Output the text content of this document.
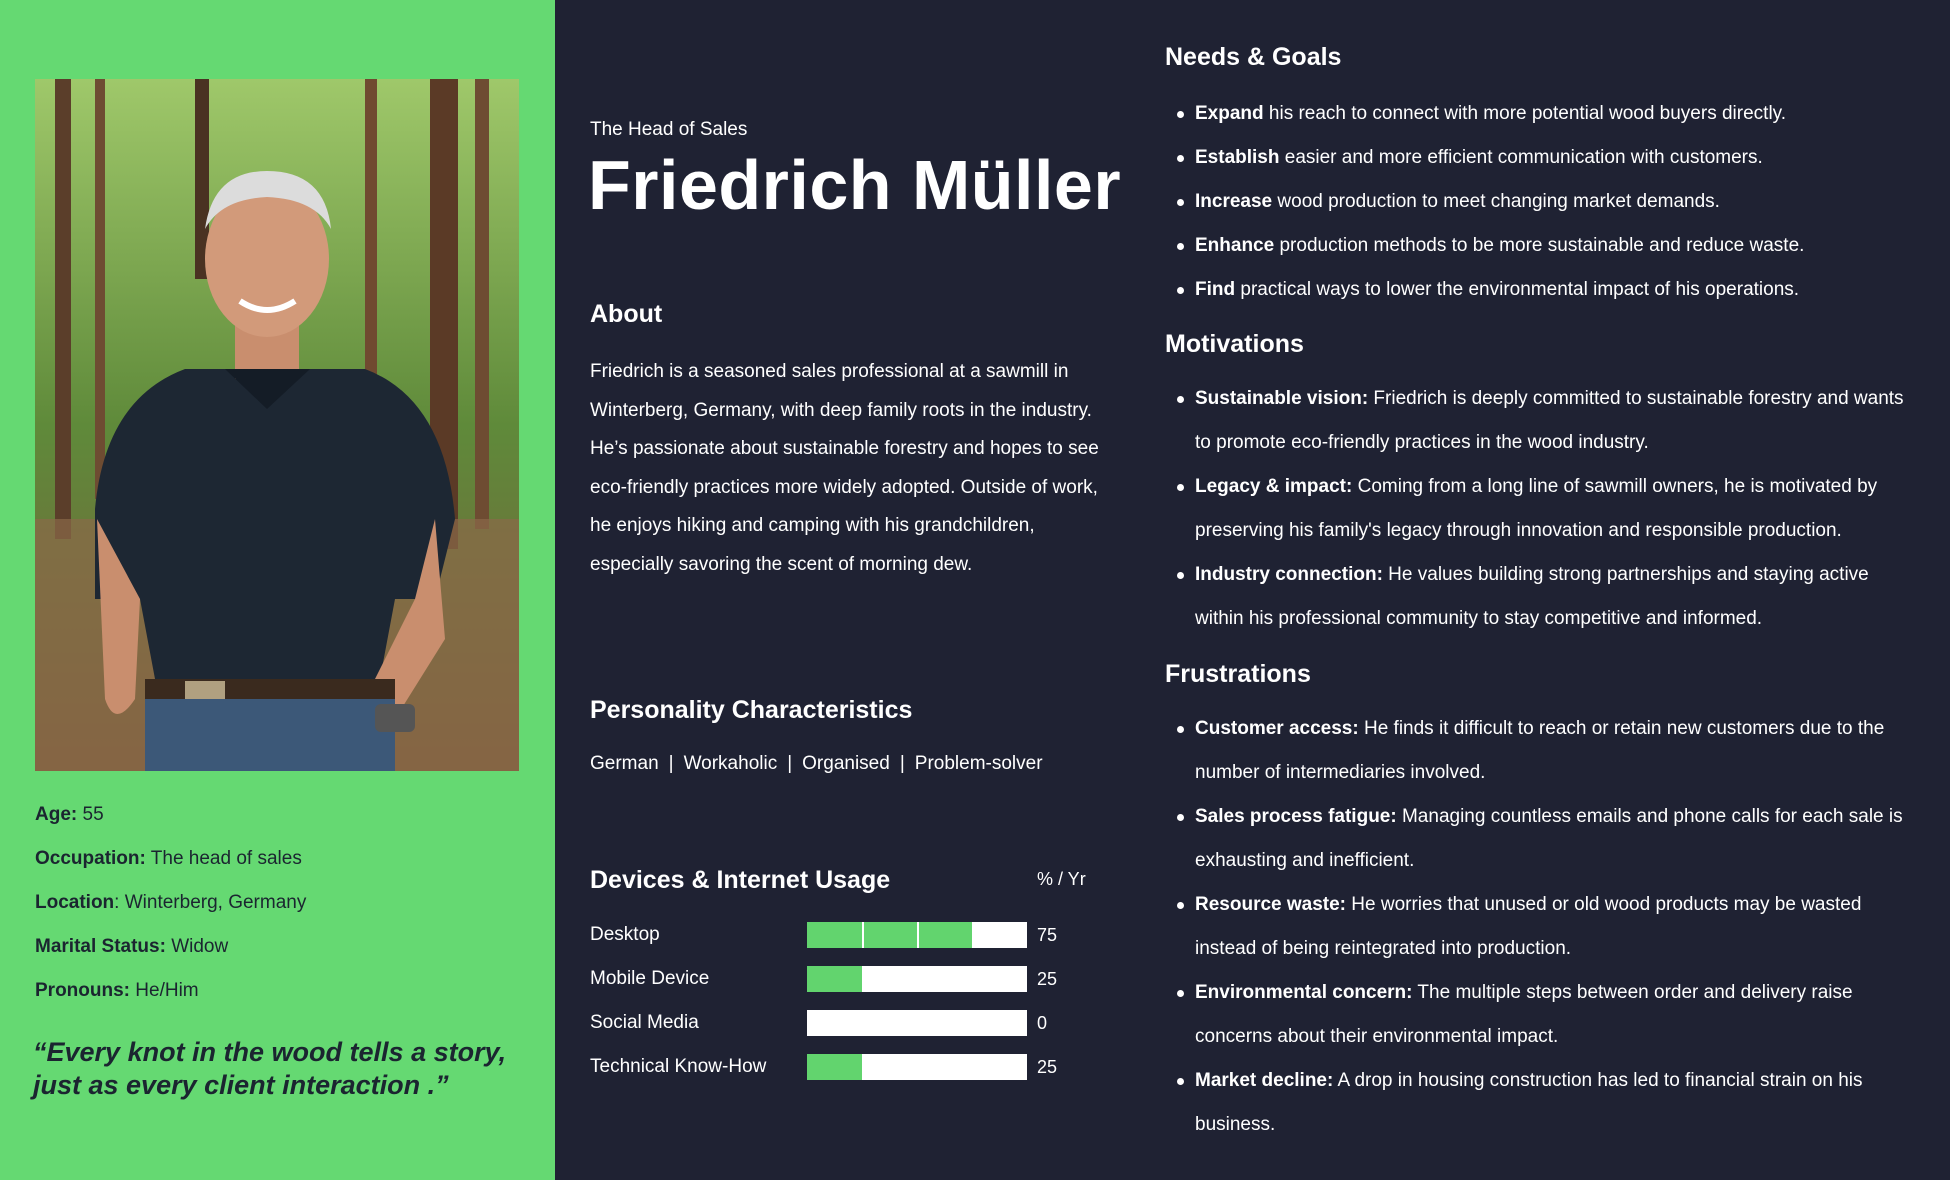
Age: 55
Occupation: The head of sales
Location: Winterberg, Germany
Marital Status: Widow
Pronouns: He/Him
“Every knot in the wood tells a story,
just as every client interaction .”
The Head of Sales
Friedrich Müller
About
Friedrich is a seasoned sales professional at a sawmill in Winterberg, Germany, with deep family roots in the industry. He’s passionate about sustainable forestry and hopes to see eco-friendly practices more widely adopted. Outside of work, he enjoys hiking and camping with his grandchildren, especially savoring the scent of morning dew.
Personality Characteristics
German | Workaholic | Organised | Problem-solver
Devices & Internet Usage	% / Yr
Desktop	75
Mobile Device	25
Social Media	0
Technical Know-How	25
Needs & Goals
Expand his reach to connect with more potential wood buyers directly.
Establish easier and more efficient communication with customers.
Increase wood production to meet changing market demands.
Enhance production methods to be more sustainable and reduce waste.
Find practical ways to lower the environmental impact of his operations.
Motivations
Sustainable vision: Friedrich is deeply committed to sustainable forestry and wants to promote eco-friendly practices in the wood industry.
Legacy & impact: Coming from a long line of sawmill owners, he is motivated by preserving his family's legacy through innovation and responsible production.
Industry connection: He values building strong partnerships and staying active within his professional community to stay competitive and informed.
Frustrations
Customer access: He finds it difficult to reach or retain new customers due to the number of intermediaries involved.
Sales process fatigue: Managing countless emails and phone calls for each sale is exhausting and inefficient.
Resource waste: He worries that unused or old wood products may be wasted instead of being reintegrated into production.
Environmental concern: The multiple steps between order and delivery raise concerns about their environmental impact.
Market decline: A drop in housing construction has led to financial strain on his business.
